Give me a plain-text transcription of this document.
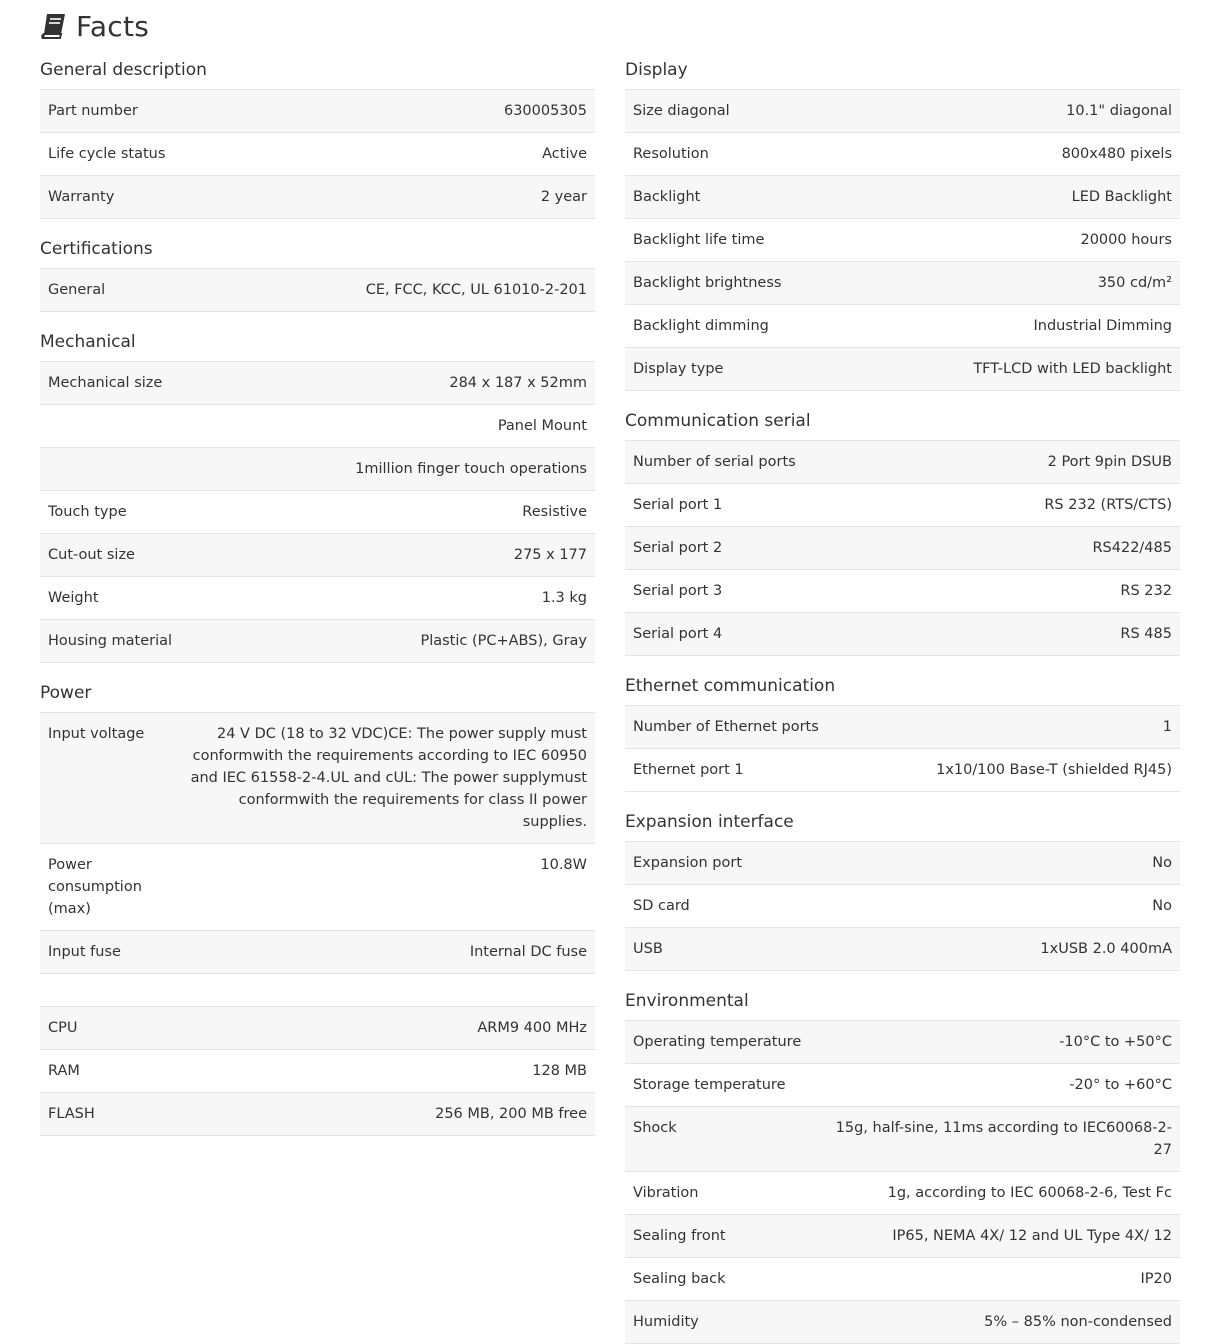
Facts
General description
Part number	630005305
Life cycle status	Active
Warranty	2 year
Certifications
General	CE, FCC, KCC, UL 61010-2-201
Mechanical
Mechanical size	284 x 187 x 52mm
	Panel Mount
	1million finger touch operations
Touch type	Resistive
Cut-out size	275 x 177
Weight	1.3 kg
Housing material	Plastic (PC+ABS), Gray
Power
Input voltage	24 V DC (18 to 32 VDC)CE: The power supply must conformwith the requirements according to IEC 60950 and IEC 61558-2-4.UL and cUL: The power supplymust conformwith the requirements for class II power supplies.
Power consumption (max)	10.8W
Input fuse	Internal DC fuse
CPU	ARM9 400 MHz
RAM	128 MB
FLASH	256 MB, 200 MB free
Display
Size diagonal	10.1" diagonal
Resolution	800x480 pixels
Backlight	LED Backlight
Backlight life time	20000 hours
Backlight brightness	350 cd/m²
Backlight dimming	Industrial Dimming
Display type	TFT-LCD with LED backlight
Communication serial
Number of serial ports	2 Port 9pin DSUB
Serial port 1	RS 232 (RTS/CTS)
Serial port 2	RS422/485
Serial port 3	RS 232
Serial port 4	RS 485
Ethernet communication
Number of Ethernet ports	1
Ethernet port 1	1x10/100 Base-T (shielded RJ45)
Expansion interface
Expansion port	No
SD card	No
USB	1xUSB 2.0 400mA
Environmental
Operating temperature	-10°C to +50°C
Storage temperature	-20° to +60°C
Shock	15g, half-sine, 11ms according to IEC60068-2-27
Vibration	1g, according to IEC 60068-2-6, Test Fc
Sealing front	IP65, NEMA 4X/ 12 and UL Type 4X/ 12
Sealing back	IP20
Humidity	5% – 85% non-condensed
